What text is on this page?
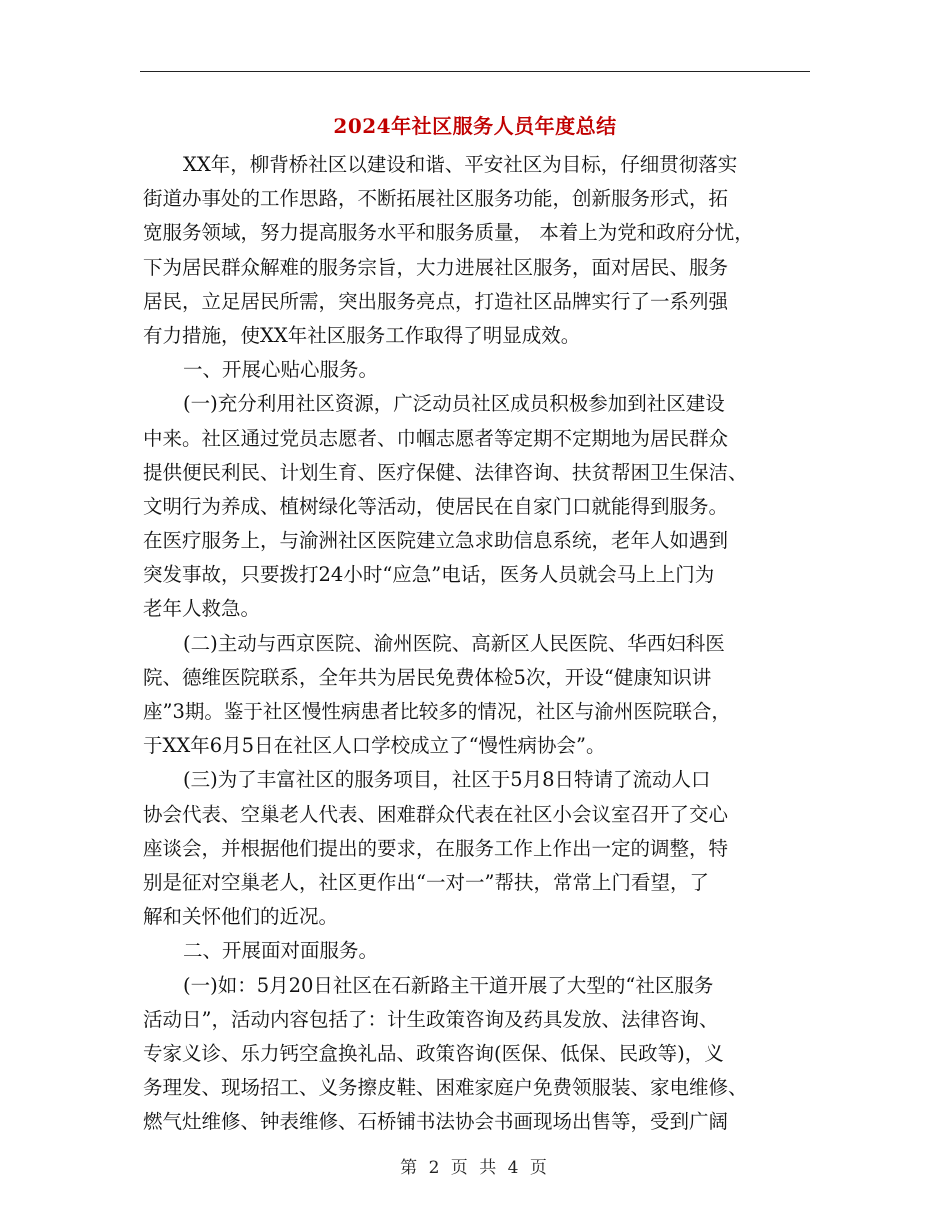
2024年社区服务人员年度总结
XX年，柳背桥社区以建设和谐、平安社区为目标，仔细贯彻落实
街道办事处的工作思路，不断拓展社区服务功能，创新服务形式，拓
宽服务领域，努力提高服务水平和服务质量， 本着上为党和政府分忧，
下为居民群众解难的服务宗旨，大力进展社区服务，面对居民、服务
居民，立足居民所需，突出服务亮点，打造社区品牌实行了一系列强
有力措施，使XX年社区服务工作取得了明显成效。
一、开展心贴心服务。
(一)充分利用社区资源，广泛动员社区成员积极参加到社区建设
中来。社区通过党员志愿者、巾帼志愿者等定期不定期地为居民群众
提供便民利民、计划生育、医疗保健、法律咨询、扶贫帮困卫生保洁、
文明行为养成、植树绿化等活动，使居民在自家门口就能得到服务。
在医疗服务上，与渝洲社区医院建立急求助信息系统，老年人如遇到
突发事故，只要拨打24小时“应急”电话，医务人员就会马上上门为
老年人救急。
(二)主动与西京医院、渝州医院、高新区人民医院、华西妇科医
院、德维医院联系，全年共为居民免费体检5次，开设“健康知识讲
座”3期。鉴于社区慢性病患者比较多的情况，社区与渝州医院联合，
于XX年6月5日在社区人口学校成立了“慢性病协会”。
(三)为了丰富社区的服务项目，社区于5月8日特请了流动人口
协会代表、空巢老人代表、困难群众代表在社区小会议室召开了交心
座谈会，并根据他们提出的要求，在服务工作上作出一定的调整，特
别是征对空巢老人，社区更作出“一对一”帮扶，常常上门看望，了
解和关怀他们的近况。
二、开展面对面服务。
(一)如：5月20日社区在石新路主干道开展了大型的“社区服务
活动日”，活动内容包括了：计生政策咨询及药具发放、法律咨询、
专家义诊、乐力钙空盒换礼品、政策咨询(医保、低保、民政等)，义
务理发、现场招工、义务擦皮鞋、困难家庭户免费领服装、家电维修、
燃气灶维修、钟表维修、石桥铺书法协会书画现场出售等，受到广阔
第 2 页 共 4 页
